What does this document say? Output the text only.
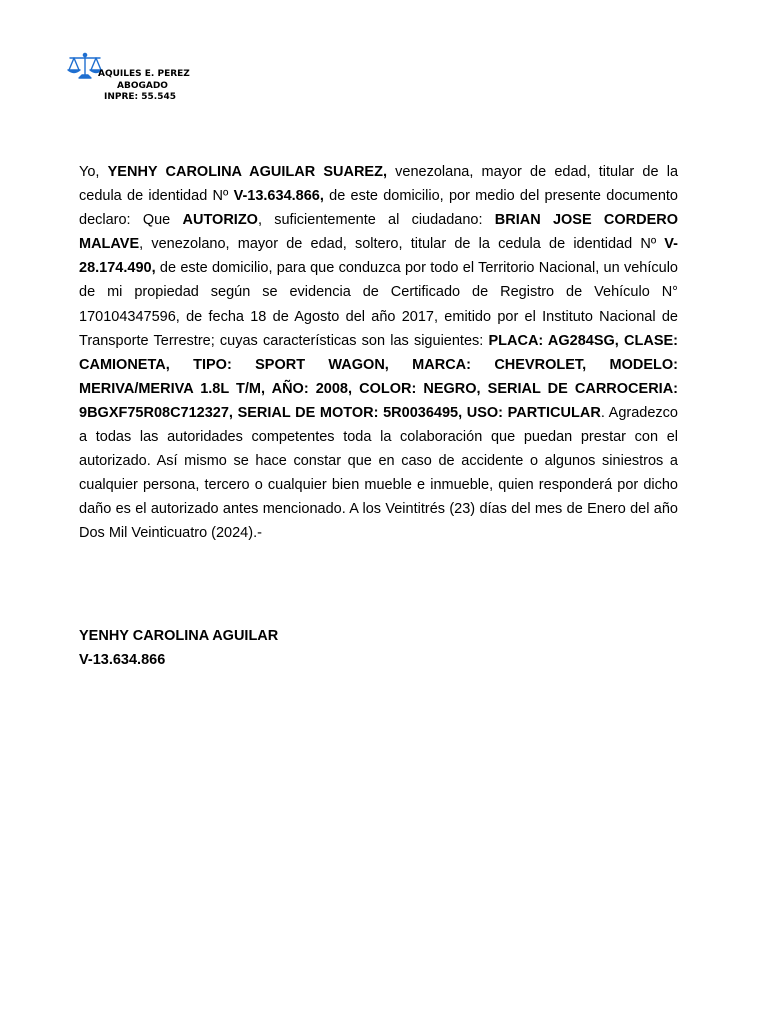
AQUILES E. PEREZ
ABOGADO
INPRE: 55.545

Yo, YENHY CAROLINA AGUILAR SUAREZ, venezolana, mayor de edad, titular de la cedula de identidad Nº V-13.634.866, de este domicilio, por medio del presente documento declaro: Que AUTORIZO, suficientemente al ciudadano: BRIAN JOSE CORDERO MALAVE, venezolano, mayor de edad, soltero, titular de la cedula de identidad Nº V-28.174.490, de este domicilio, para que conduzca por todo el Territorio Nacional, un vehículo de mi propiedad según se evidencia de Certificado de Registro de Vehículo N° 170104347596, de fecha 18 de Agosto del año 2017, emitido por el Instituto Nacional de Transporte Terrestre; cuyas características son las siguientes: PLACA: AG284SG, CLASE: CAMIONETA, TIPO: SPORT WAGON, MARCA: CHEVROLET, MODELO: MERIVA/MERIVA 1.8L T/M, AÑO: 2008, COLOR: NEGRO, SERIAL DE CARROCERIA: 9BGXF75R08C712327, SERIAL DE MOTOR: 5R0036495, USO: PARTICULAR. Agradezco a todas las autoridades competentes toda la colaboración que puedan prestar con el autorizado. Así mismo se hace constar que en caso de accidente o algunos siniestros a cualquier persona, tercero o cualquier bien mueble e inmueble, quien responderá por dicho daño es el autorizado antes mencionado. A los Veintitrés (23) días del mes de Enero del año Dos Mil Veinticuatro (2024).-

YENHY CAROLINA AGUILAR
V-13.634.866
